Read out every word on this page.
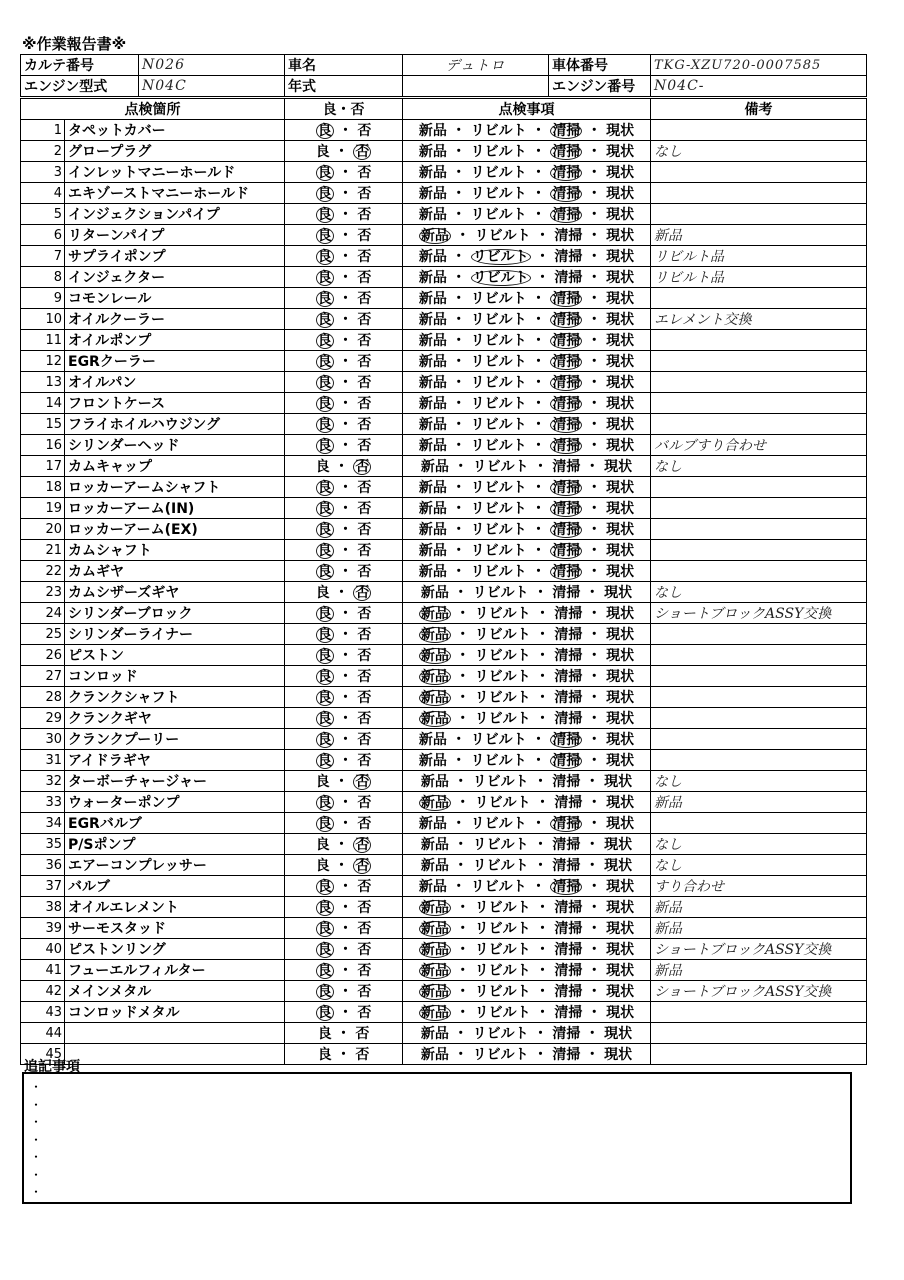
※作業報告書※
カルテ番号	N026	車名	デュトロ	車体番号	TKG-XZU720-0007585
エンジン型式	N04C	年式		エンジン番号	N04C-
点検箇所		良・否	点検事項	備考
1	タペットカバー	良 ・ 否	新品 ・ リビルト ・ 清掃 ・ 現状	
2	グロープラグ	良 ・ 否	新品 ・ リビルト ・ 清掃 ・ 現状	なし
3	インレットマニーホールド	良 ・ 否	新品 ・ リビルト ・ 清掃 ・ 現状	
4	エキゾーストマニーホールド	良 ・ 否	新品 ・ リビルト ・ 清掃 ・ 現状	
5	インジェクションパイプ	良 ・ 否	新品 ・ リビルト ・ 清掃 ・ 現状	
6	リターンパイプ	良 ・ 否	新品 ・ リビルト ・ 清掃 ・ 現状	新品
7	サプライポンプ	良 ・ 否	新品 ・ リビルト ・ 清掃 ・ 現状	リビルト品
8	インジェクター	良 ・ 否	新品 ・ リビルト ・ 清掃 ・ 現状	リビルト品
9	コモンレール	良 ・ 否	新品 ・ リビルト ・ 清掃 ・ 現状	
10	オイルクーラー	良 ・ 否	新品 ・ リビルト ・ 清掃 ・ 現状	エレメント交換
11	オイルポンプ	良 ・ 否	新品 ・ リビルト ・ 清掃 ・ 現状	
12	EGRクーラー	良 ・ 否	新品 ・ リビルト ・ 清掃 ・ 現状	
13	オイルパン	良 ・ 否	新品 ・ リビルト ・ 清掃 ・ 現状	
14	フロントケース	良 ・ 否	新品 ・ リビルト ・ 清掃 ・ 現状	
15	フライホイルハウジング	良 ・ 否	新品 ・ リビルト ・ 清掃 ・ 現状	
16	シリンダーヘッド	良 ・ 否	新品 ・ リビルト ・ 清掃 ・ 現状	バルブすり合わせ
17	カムキャップ	良 ・ 否	新品 ・ リビルト ・ 清掃 ・ 現状	なし
18	ロッカーアームシャフト	良 ・ 否	新品 ・ リビルト ・ 清掃 ・ 現状	
19	ロッカーアーム(IN)	良 ・ 否	新品 ・ リビルト ・ 清掃 ・ 現状	
20	ロッカーアーム(EX)	良 ・ 否	新品 ・ リビルト ・ 清掃 ・ 現状	
21	カムシャフト	良 ・ 否	新品 ・ リビルト ・ 清掃 ・ 現状	
22	カムギヤ	良 ・ 否	新品 ・ リビルト ・ 清掃 ・ 現状	
23	カムシザーズギヤ	良 ・ 否	新品 ・ リビルト ・ 清掃 ・ 現状	なし
24	シリンダーブロック	良 ・ 否	新品 ・ リビルト ・ 清掃 ・ 現状	ショートブロックASSY交換
25	シリンダーライナー	良 ・ 否	新品 ・ リビルト ・ 清掃 ・ 現状	
26	ピストン	良 ・ 否	新品 ・ リビルト ・ 清掃 ・ 現状	
27	コンロッド	良 ・ 否	新品 ・ リビルト ・ 清掃 ・ 現状	
28	クランクシャフト	良 ・ 否	新品 ・ リビルト ・ 清掃 ・ 現状	
29	クランクギヤ	良 ・ 否	新品 ・ リビルト ・ 清掃 ・ 現状	
30	クランクプーリー	良 ・ 否	新品 ・ リビルト ・ 清掃 ・ 現状	
31	アイドラギヤ	良 ・ 否	新品 ・ リビルト ・ 清掃 ・ 現状	
32	ターボーチャージャー	良 ・ 否	新品 ・ リビルト ・ 清掃 ・ 現状	なし
33	ウォーターポンプ	良 ・ 否	新品 ・ リビルト ・ 清掃 ・ 現状	新品
34	EGRバルブ	良 ・ 否	新品 ・ リビルト ・ 清掃 ・ 現状	
35	P/Sポンプ	良 ・ 否	新品 ・ リビルト ・ 清掃 ・ 現状	なし
36	エアーコンプレッサー	良 ・ 否	新品 ・ リビルト ・ 清掃 ・ 現状	なし
37	バルブ	良 ・ 否	新品 ・ リビルト ・ 清掃 ・ 現状	すり合わせ
38	オイルエレメント	良 ・ 否	新品 ・ リビルト ・ 清掃 ・ 現状	新品
39	サーモスタッド	良 ・ 否	新品 ・ リビルト ・ 清掃 ・ 現状	新品
40	ピストンリング	良 ・ 否	新品 ・ リビルト ・ 清掃 ・ 現状	ショートブロックASSY交換
41	フューエルフィルター	良 ・ 否	新品 ・ リビルト ・ 清掃 ・ 現状	新品
42	メインメタル	良 ・ 否	新品 ・ リビルト ・ 清掃 ・ 現状	ショートブロックASSY交換
43	コンロッドメタル	良 ・ 否	新品 ・ リビルト ・ 清掃 ・ 現状	
44		良 ・ 否	新品 ・ リビルト ・ 清掃 ・ 現状	
45		良 ・ 否	新品 ・ リビルト ・ 清掃 ・ 現状	
追記事項
・
・
・
・
・
・
・
